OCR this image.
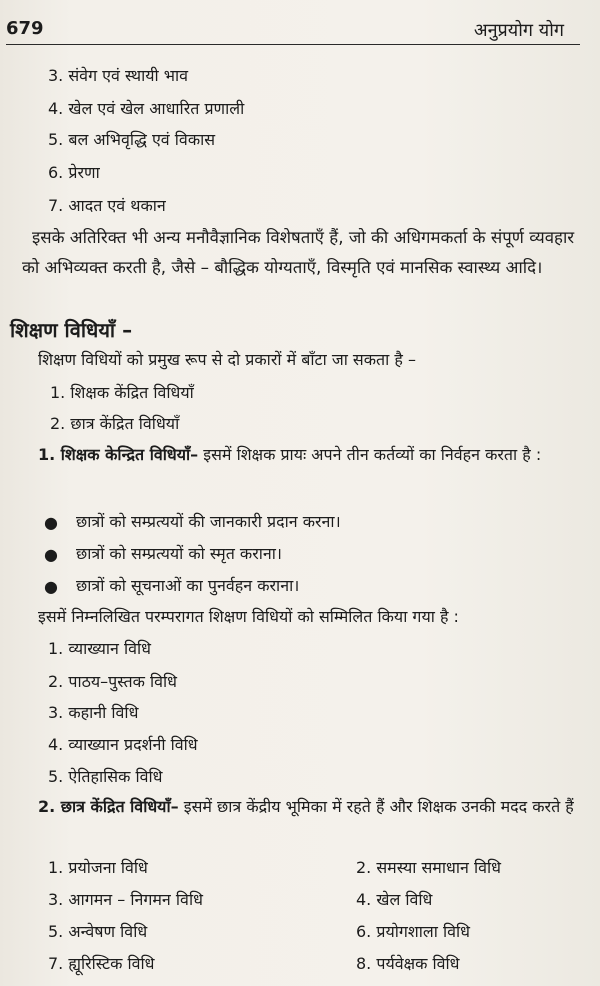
679	अनुप्रयोग योग
3. संवेग एवं स्थायी भाव
4. खेल एवं खेल आधारित प्रणाली
5. बल अभिवृद्धि एवं विकास
6. प्रेरणा
7. आदत एवं थकान
इसके अतिरिक्त भी अन्य मनौवैज्ञानिक विशेषताएँ हैं, जो की अधिगमकर्ता के संपूर्ण व्यवहार को अभिव्यक्त करती है, जैसे – बौद्धिक योग्यताएँ, विस्मृति एवं मानसिक स्वास्थ्य आदि।
शिक्षण विधियाँ –
शिक्षण विधियों को प्रमुख रूप से दो प्रकारों में बाँटा जा सकता है –
1. शिक्षक केंद्रित विधियाँ
2. छात्र केंद्रित विधियाँ
1. शिक्षक केन्द्रित विधियाँ– इसमें शिक्षक प्रायः अपने तीन कर्तव्यों का निर्वहन करता है :
● छात्रों को सम्प्रत्ययों की जानकारी प्रदान करना।
● छात्रों को सम्प्रत्ययों को स्मृत कराना।
● छात्रों को सूचनाओं का पुनर्वहन कराना।
इसमें निम्नलिखित परम्परागत शिक्षण विधियों को सम्मिलित किया गया है :
1. व्याख्यान विधि
2. पाठय–पुस्तक विधि
3. कहानी विधि
4. व्याख्यान प्रदर्शनी विधि
5. ऐतिहासिक विधि
2. छात्र केंद्रित विधियाँ– इसमें छात्र केंद्रीय भूमिका में रहते हैं और शिक्षक उनकी मदद करते हैं
1. प्रयोजना विधि	2. समस्या समाधान विधि
3. आगमन – निगमन विधि	4. खेल विधि
5. अन्वेषण विधि	6. प्रयोगशाला विधि
7. ह्यूरिस्टिक विधि	8. पर्यवेक्षक विधि
